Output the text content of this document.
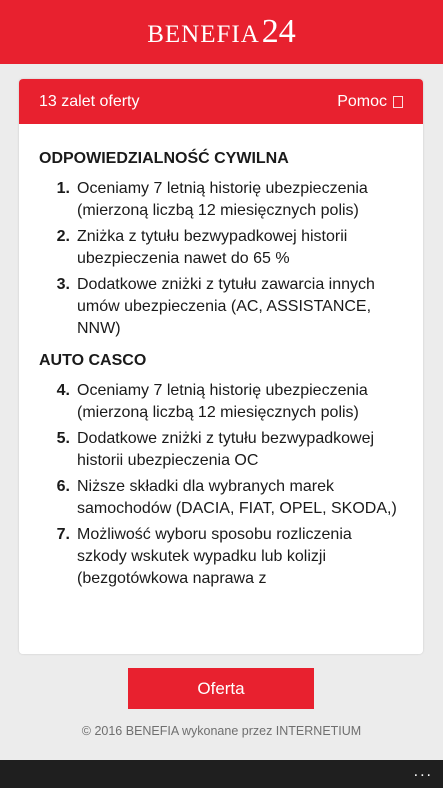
BENEFIA 24
13 zalet oferty	Pomoc
ODPOWIEDZIALNOŚĆ CYWILNA
1. Oceniamy 7 letnią historię ubezpieczenia (mierzoną liczbą 12 miesięcznych polis)
2. Zniżka z tytułu bezwypadkowej historii ubezpieczenia nawet do 65 %
3. Dodatkowe zniżki z tytułu zawarcia innych umów ubezpieczenia (AC, ASSISTANCE, NNW)
AUTO CASCO
4. Oceniamy 7 letnią historię ubezpieczenia (mierzoną liczbą 12 miesięcznych polis)
5. Dodatkowe zniżki z tytułu bezwypadkowej historii ubezpieczenia OC
6. Niższe składki dla wybranych marek samochodów (DACIA, FIAT, OPEL, SKODA,)
7. Możliwość wyboru sposobu rozliczenia szkody wskutek wypadku lub kolizji (bezgotówkowa naprawa z
Oferta
© 2016 BENEFIA wykonane przez INTERNETIUM
...
